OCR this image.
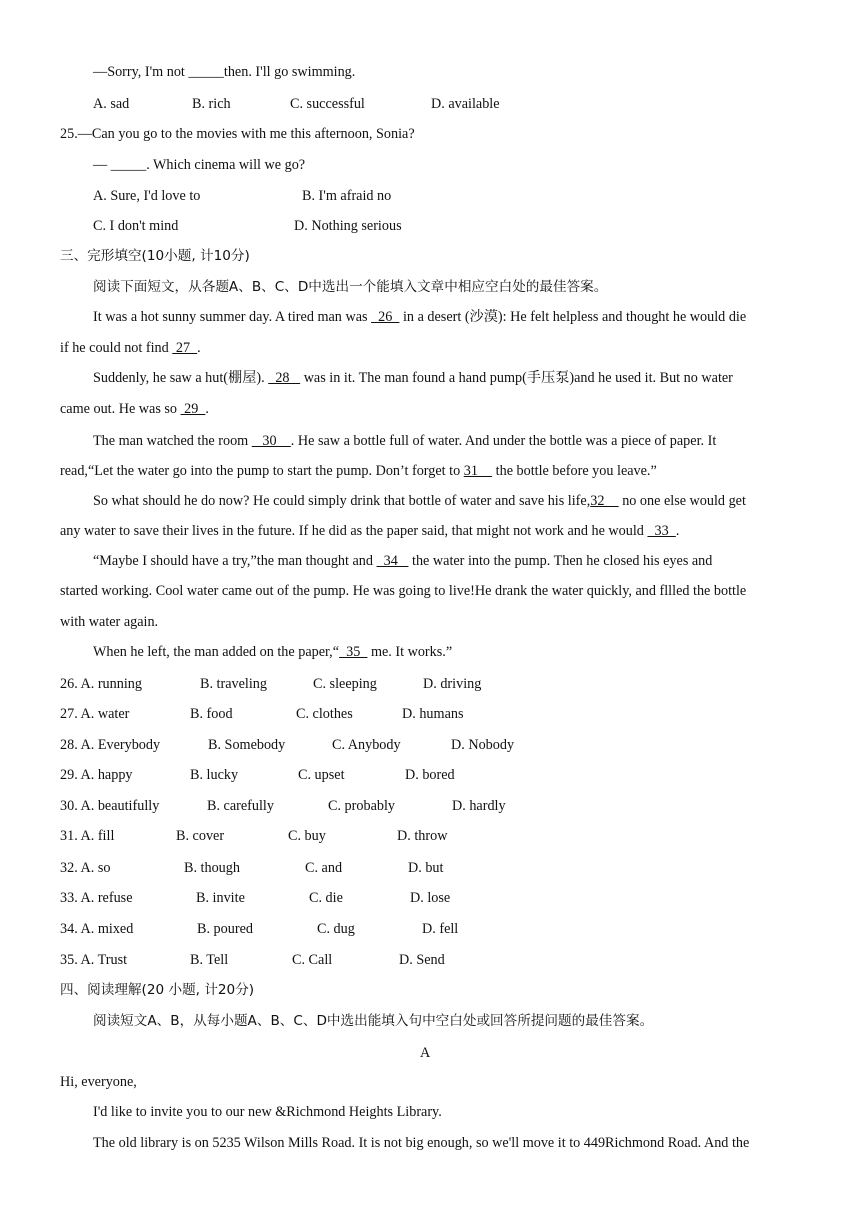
—Sorry, I'm not _____then. I'll go swimming.
A. sad	B. rich	C. successful	D. available
25.—Can you go to the movies with me this afternoon, Sonia?
— _____. Which cinema will we go?
A. Sure, I'd love to	B. I'm afraid no
C. I don't mind	D. Nothing serious
三、完形填空(10小题, 计10分)
阅读下面短文，从各题A、B、C、D中选出一个能填入文章中相应空白处的最佳答案。
It was a hot sunny summer day. A tired man was   26   in a desert (沙漠): He felt helpless and thought he would die
if he could not find  27  .
Suddenly, he saw a hut(棚屋).   28    was in it. The man found a hand pump(手压泵)and he used it. But no water
came out. He was so  29  .
The man watched the room    30    . He saw a bottle full of water. And under the bottle was a piece of paper. It
read,“Let the water go into the pump to start the pump. Don’t forget to 31     the bottle before you leave.”
So what should he do now? He could simply drink that bottle of water and save his life,32     no one else would get
any water to save their lives in the future. If he did as the paper said, that might not work and he would   33  .
“Maybe I should have a try,”the man thought and   34    the water into the pump. Then he closed his eyes and
started working. Cool water came out of the pump. He was going to live!He drank the water quickly, and fllled the bottle
with water again.
When he left, the man added on the paper,“  35   me. It works.”
26. A. running	B. traveling	C. sleeping	D. driving
27. A. water	B. food	C. clothes	D. humans
28. A. Everybody	B. Somebody	C. Anybody	D. Nobody
29. A. happy	B. lucky	C. upset	D. bored
30. A. beautifully	B. carefully	C. probably	D. hardly
31. A. fill	B. cover	C. buy	D. throw
32. A. so	B. though	C. and	D. but
33. A. refuse	B. invite	C. die	D. lose
34. A. mixed	B. poured	C. dug	D. fell
35. A. Trust	B. Tell	C. Call	D. Send
四、阅读理解(20 小题, 计20分)
阅读短文A、B，从每小题A、B、C、D中选出能填入句中空白处或回答所提问题的最佳答案。
A
Hi, everyone,
I'd like to invite you to our new &Richmond Heights Library.
The old library is on 5235 Wilson Mills Road. It is not big enough, so we'll move it to 449Richmond Road. And the
